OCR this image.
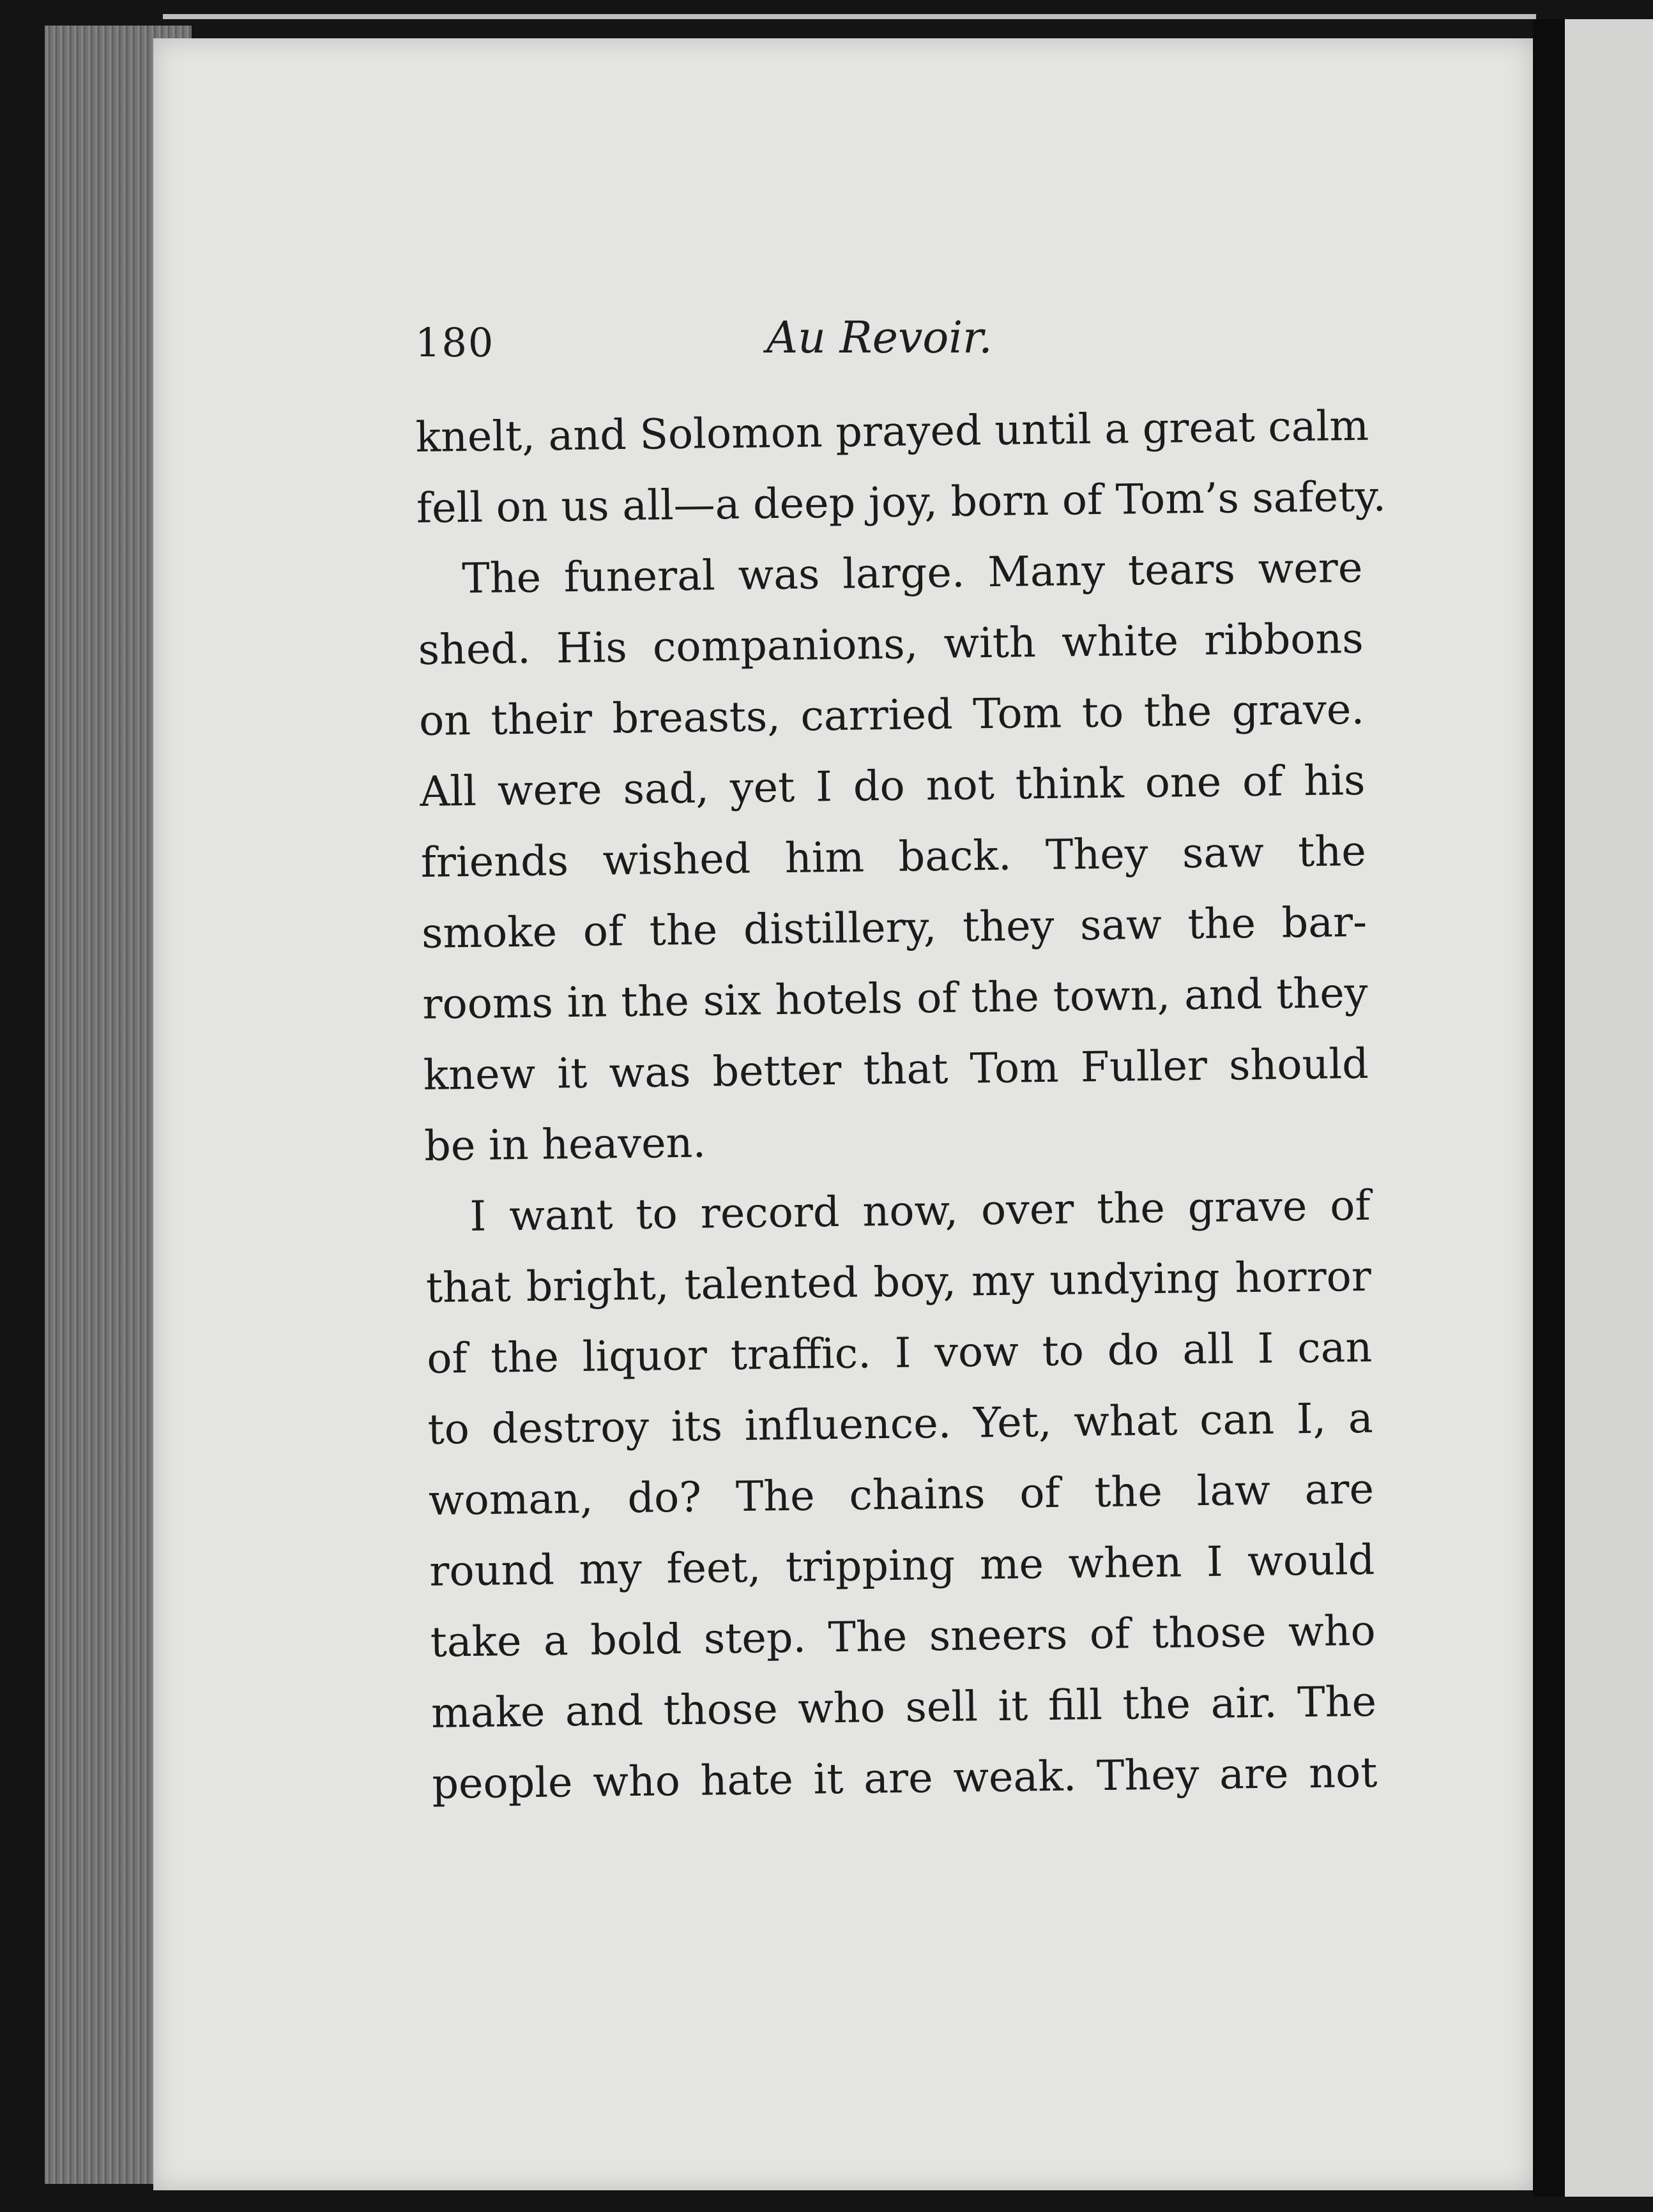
180	Au Revoir.
knelt, and Solomon prayed until a great calm
fell on us all—a deep joy, born of Tom’s safety.
The funeral was large. Many tears were
shed. His companions, with white ribbons
on their breasts, carried Tom to the grave.
All were sad, yet I do not think one of his
friends wished him back. They saw the
smoke of the distillery, they saw the bar-
rooms in the six hotels of the town, and they
knew it was better that Tom Fuller should
be in heaven.
I want to record now, over the grave of
that bright, talented boy, my undying horror
of the liquor traffic. I vow to do all I can
to destroy its influence. Yet, what can I, a
woman, do? The chains of the law are
round my feet, tripping me when I would
take a bold step. The sneers of those who
make and those who sell it fill the air. The
people who hate it are weak. They are not
